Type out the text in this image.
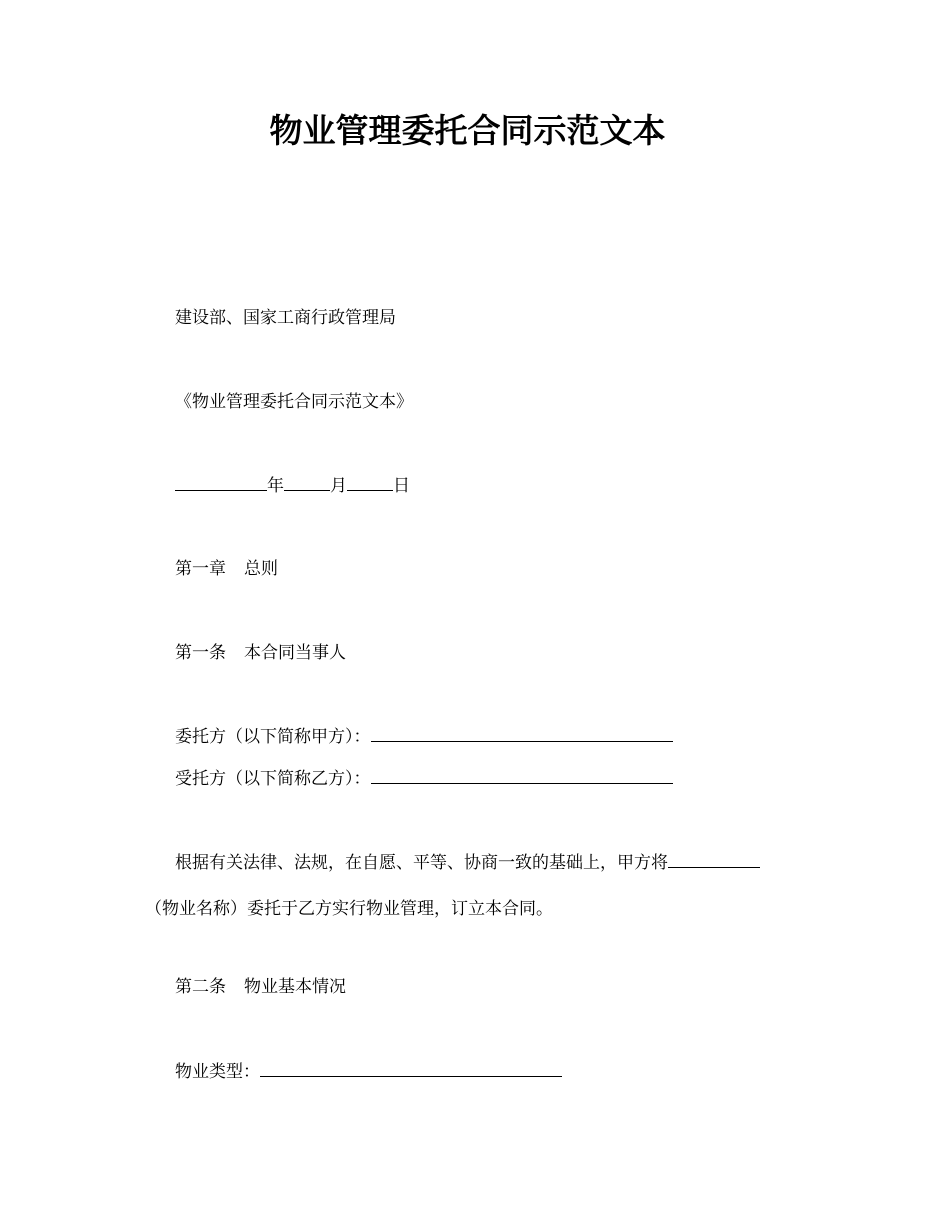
物业管理委托合同示范文本
建设部、国家工商行政管理局
《物业管理委托合同示范文本》
年	月	日
第一章 总则
第一条 本合同当事人
委托方（以下简称甲方）：
受托方（以下简称乙方）：
根据有关法律、法规，在自愿、平等、协商一致的基础上，甲方将
（物业名称）委托于乙方实行物业管理，订立本合同。
第二条 物业基本情况
物业类型：
